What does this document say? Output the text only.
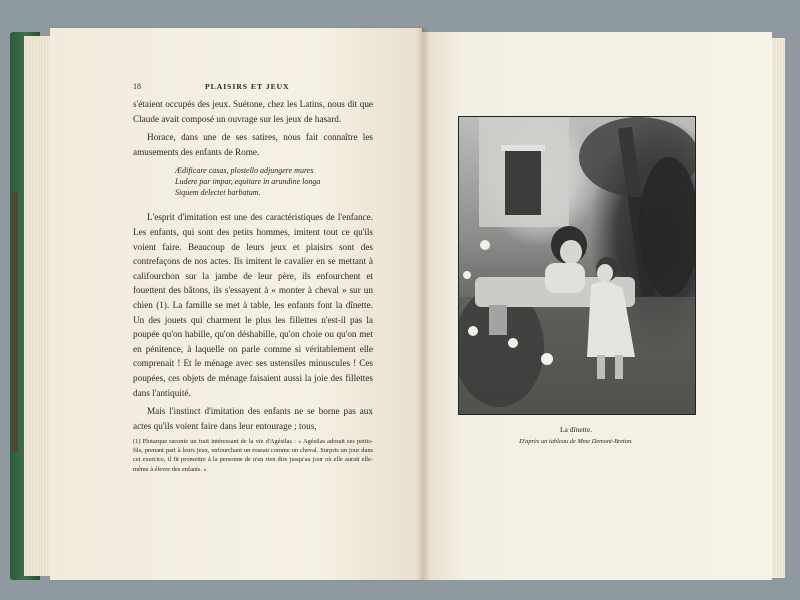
18	PLAISIRS ET JEUX

s'étaient occupés des jeux. Suétone, chez les Latins, nous dit que Claude avait composé un ouvrage sur les jeux de hasard.

Horace, dans une de ses satires, nous fait connaître les amusements des enfants de Rome.

Ædificare casas, plostello adjungere mures
Ludere par impar, equitare in arundine longa
Siquem delectet barbatum.

L'esprit d'imitation est une des caractéristiques de l'enfance. Les enfants, qui sont des petits hommes, imitent tout ce qu'ils voient faire. Beaucoup de leurs jeux et plaisirs sont des contrefaçons de nos actes. Ils imitent le cavalier en se mettant à califourchon sur la jambe de leur père, ils enfourchent et fouettent des bâtons, ils s'essayent à « monter à cheval » sur un chien (1). La famille se met à table, les enfants font la dînette. Un des jouets qui charment le plus les fillettes n'est-il pas la poupée qu'on habille, qu'on déshabille, qu'on choie ou qu'on met en pénitence, à laquelle on parle comme si véritablement elle comprenait ! Et le ménage avec ses ustensiles minuscules ! Ces poupées, ces objets de ménage faisaient aussi la joie des fillettes dans l'antiquité.

Mais l'instinct d'imitation des enfants ne se borne pas aux actes qu'ils voient faire dans leur entourage ; tous,

(1) Plutarque raconte un trait intéressant de la vie d'Agésilas : « Agésilas adorait ses petits-fils, prenant part à leurs jeux, enfourchant un roseau comme un cheval. Surpris un jour dans cet exercice, il fit promettre à la personne de n'en rien dire jusqu'au jour où elle aurait elle-même à élever des enfants. »
La dînette.
D'après un tableau de Mme Demont-Breton.
